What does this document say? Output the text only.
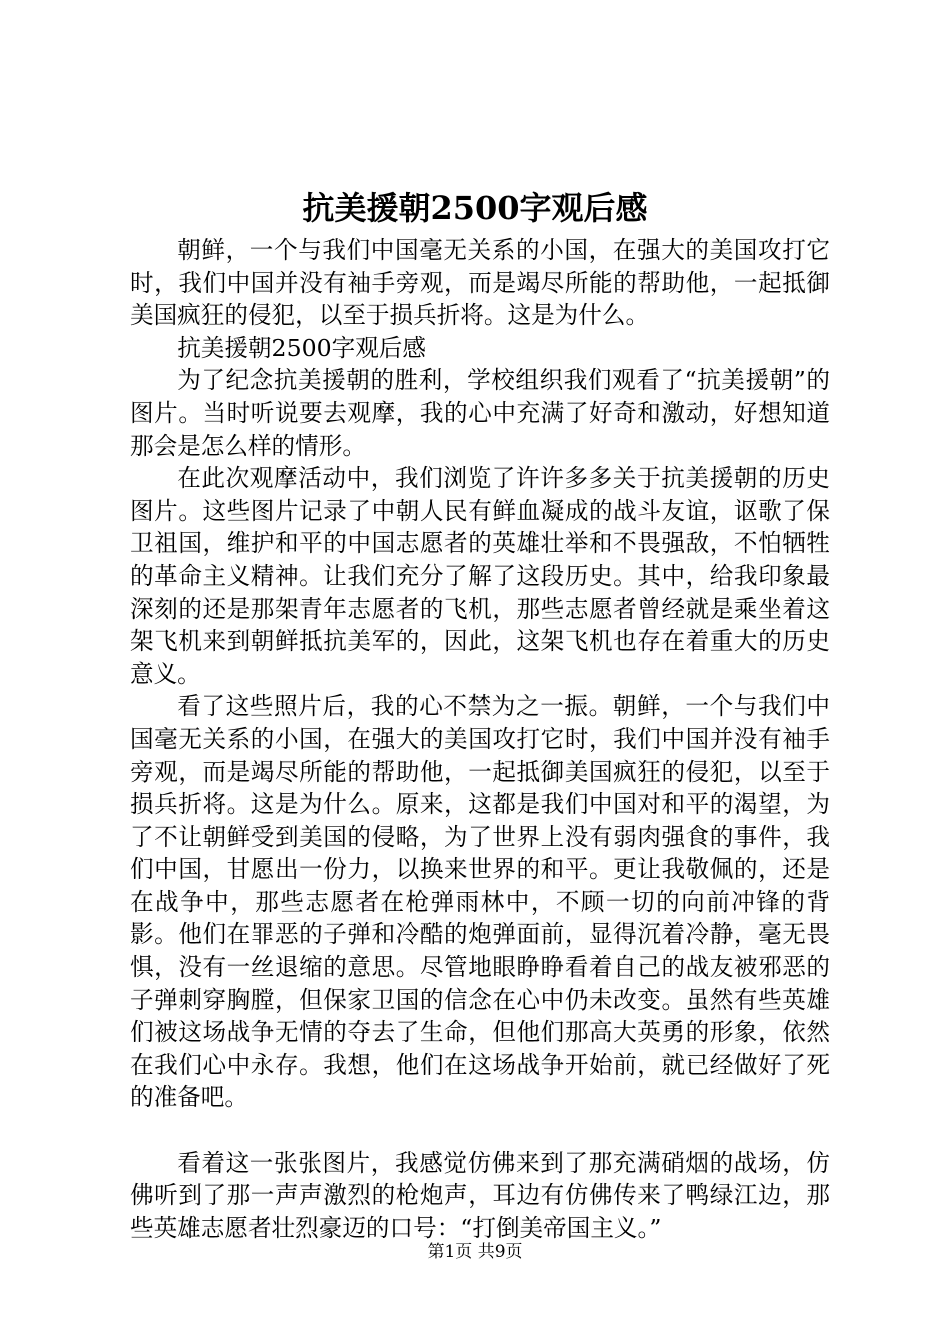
抗美援朝2500字观后感

朝鲜，一个与我们中国毫无关系的小国，在强大的美国攻打它时，我们中国并没有袖手旁观，而是竭尽所能的帮助他，一起抵御美国疯狂的侵犯，以至于损兵折将。这是为什么。

抗美援朝2500字观后感

为了纪念抗美援朝的胜利，学校组织我们观看了“抗美援朝”的图片。当时听说要去观摩，我的心中充满了好奇和激动，好想知道那会是怎么样的情形。

在此次观摩活动中，我们浏览了许许多多关于抗美援朝的历史图片。这些图片记录了中朝人民有鲜血凝成的战斗友谊，讴歌了保卫祖国，维护和平的中国志愿者的英雄壮举和不畏强敌，不怕牺牲的革命主义精神。让我们充分了解了这段历史。其中，给我印象最深刻的还是那架青年志愿者的飞机，那些志愿者曾经就是乘坐着这架飞机来到朝鲜抵抗美军的，因此，这架飞机也存在着重大的历史意义。

看了这些照片后，我的心不禁为之一振。朝鲜，一个与我们中国毫无关系的小国，在强大的美国攻打它时，我们中国并没有袖手旁观，而是竭尽所能的帮助他，一起抵御美国疯狂的侵犯，以至于损兵折将。这是为什么。原来，这都是我们中国对和平的渴望，为了不让朝鲜受到美国的侵略，为了世界上没有弱肉强食的事件，我们中国，甘愿出一份力，以换来世界的和平。更让我敬佩的，还是在战争中，那些志愿者在枪弹雨林中，不顾一切的向前冲锋的背影。他们在罪恶的子弹和冷酷的炮弹面前，显得沉着冷静，毫无畏惧，没有一丝退缩的意思。尽管地眼睁睁看着自己的战友被邪恶的子弹刺穿胸膛，但保家卫国的信念在心中仍未改变。虽然有些英雄们被这场战争无情的夺去了生命，但他们那高大英勇的形象，依然在我们心中永存。我想，他们在这场战争开始前，就已经做好了死的准备吧。

看着这一张张图片，我感觉仿佛来到了那充满硝烟的战场，仿佛听到了那一声声激烈的枪炮声，耳边有仿佛传来了鸭绿江边，那些英雄志愿者壮烈豪迈的口号：“打倒美帝国主义。”

第1页 共9页
